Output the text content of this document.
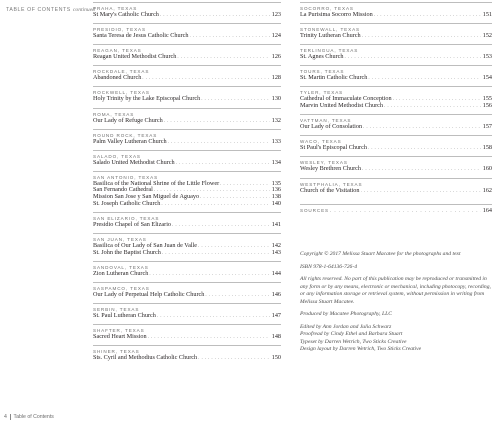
TABLE OF CONTENTS continued
PRAHA, TEXAS
St Mary's Catholic Church . . .	123
PRESIDIO, TEXAS
Santa Teresa de Jesus Catholic Church . . .	124
REAGAN, TEXAS
Reagan United Methodist Church . . .	126
ROCKDALE, TEXAS
Abandoned Church . . .	128
ROCKWELL, TEXAS
Holy Trinity by the Lake Episcopal Church . . .	130
ROMA, TEXAS
Our Lady of Refuge Church . . .	132
ROUND ROCK, TEXAS
Palm Valley Lutheran Church . . .	133
SALADO, TEXAS
Salado United Methodist Church . . .	134
SAN ANTONIO, TEXAS
Basilica of the National Shrine of the Little Flower . . .	135
San Fernando Cathedral . . .	136
Mission San Jose y San Miguel de Aguayo . . .	138
St. Joseph Catholic Church . . .	140
SAN ELIZARIO, TEXAS
Presidio Chapel of San Elizario . . .	141
SAN JUAN, TEXAS
Basilica of Our Lady of San Juan de Valle . . .	142
St. John the Baptist Church . . .	143
SANDOVAL, TEXAS
Zion Lutheran Church . . .	144
SASPAMCO, TEXAS
Our Lady of Perpetual Help Catholic Church . . .	146
SERBIN, TEXAS
St. Paul Lutheran Church . . .	147
SHAFTER, TEXAS
Sacred Heart Mission . . .	148
SHINER, TEXAS
Sts. Cyril and Methodius Catholic Church . . .	150
SOURCES . . .	164

Copyright © 2017 Melissa Stuart Macatee for the photographs and text

ISBN 978-1-64136-726-4

All rights reserved. No part of this publication may be reproduced or transmitted in any form or by any means, electronic or mechanical, including photocopy, recording, or any information storage or retrieval system, without permission in writing from Melissa Stuart Macatee.

Produced by Macatee Photography, LLC

Edited by Ann Jordan and Julia Schwarz
Proofread by Cindy Ethel and Barbara Stuart
Typeset by Darren Wetrich, Two Sticks Creative
Design layout by Darren Wetrich, Two Sticks Creative
SOCORRO, TEXAS
La Purisima Socorro Mission . . .	151
STONEWALL, TEXAS
Trinity Lutheran Church . . .	152
TERLINGUA, TEXAS
St. Agnes Church . . .	153
TOURS, TEXAS
St. Martin Catholic Church . . .	154
TYLER, TEXAS
Cathedral of Immaculate Conception . . .	155
Marvin United Methodist Church . . .	156
VATTMAN, TEXAS
Our Lady of Consolation . . .	157
WACO, TEXAS
St Paul's Episcopal Church . . .	158
WESLEY, TEXAS
Wesley Brethren Church . . .	160
WESTPHALIA, TEXAS
Church of the Visitation . . .	162
4 Table of Contents
